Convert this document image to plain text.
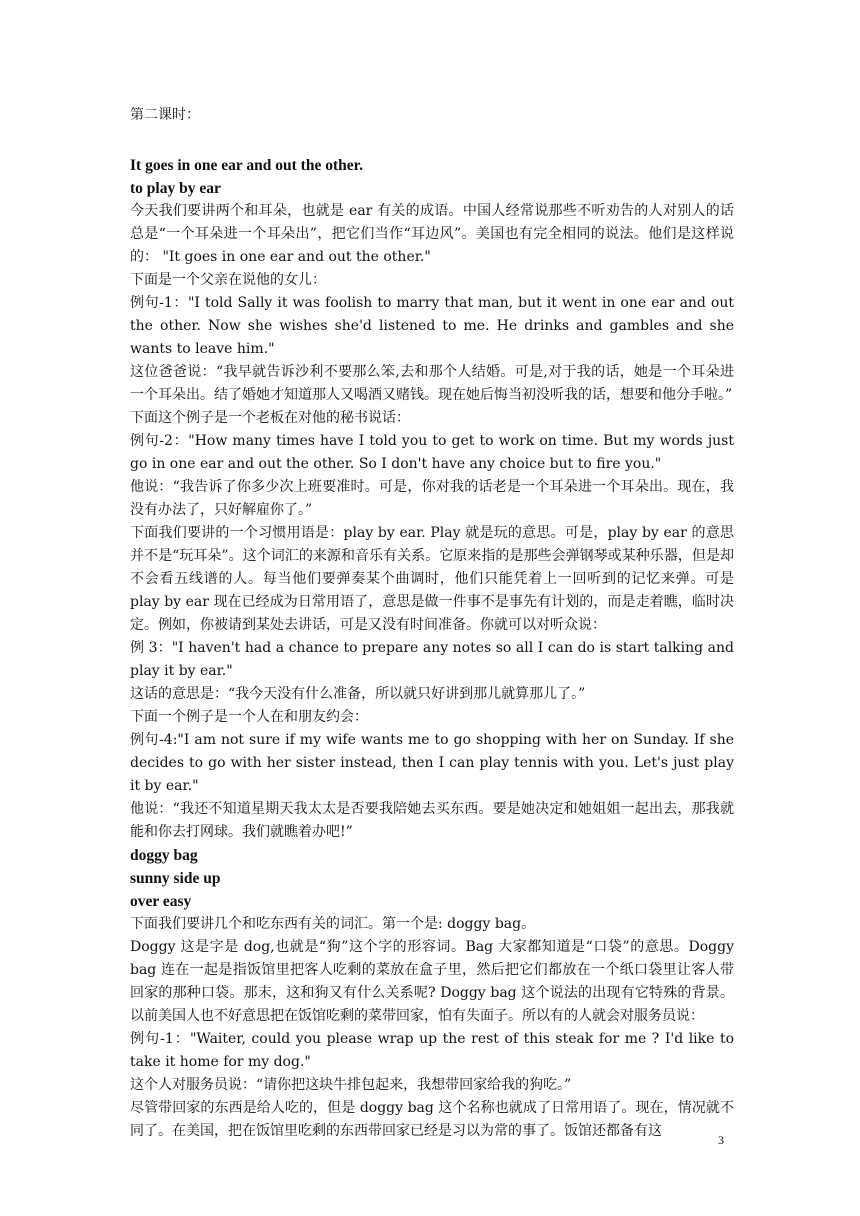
第二课时：

It goes in one ear and out the other.

to play by ear

今天我们要讲两个和耳朵，也就是 ear 有关的成语。中国人经常说那些不听劝告的人对别人的话总是“一个耳朵进一个耳朵出”，把它们当作“耳边风”。美国也有完全相同的说法。他们是这样说的： "It goes in one ear and out the other."

下面是一个父亲在说他的女儿：

例句-1："I told Sally it was foolish to marry that man, but it went in one ear and out the other. Now she wishes she'd listened to me. He drinks and gambles and she wants to leave him."

这位爸爸说：“我早就告诉沙利不要那么笨,去和那个人结婚。可是,对于我的话，她是一个耳朵进一个耳朵出。结了婚她才知道那人又喝酒又赌钱。现在她后悔当初没听我的话，想要和他分手啦。”

下面这个例子是一个老板在对他的秘书说话：

例句-2："How many times have I told you to get to work on time. But my words just go in one ear and out the other. So I don't have any choice but to fire you."

他说：“我告诉了你多少次上班要准时。可是，你对我的话老是一个耳朵进一个耳朵出。现在，我没有办法了，只好解雇你了。”

下面我们要讲的一个习惯用语是：play by ear. Play 就是玩的意思。可是，play by ear 的意思并不是“玩耳朵”。这个词汇的来源和音乐有关系。它原来指的是那些会弹钢琴或某种乐器，但是却不会看五线谱的人。每当他们要弹奏某个曲调时，他们只能凭着上一回听到的记忆来弹。可是 play by ear 现在已经成为日常用语了，意思是做一件事不是事先有计划的，而是走着瞧，临时决定。例如，你被请到某处去讲话，可是又没有时间准备。你就可以对听众说：

例 3："I haven't had a chance to prepare any notes so all I can do is start talking and play it by ear."

这话的意思是：“我今天没有什么准备，所以就只好讲到那儿就算那儿了。”

下面一个例子是一个人在和朋友约会：

例句-4:"I am not sure if my wife wants me to go shopping with her on Sunday. If she decides to go with her sister instead, then I can play tennis with you. Let's just play it by ear."

他说：“我还不知道星期天我太太是否要我陪她去买东西。要是她决定和她姐姐一起出去，那我就能和你去打网球。我们就瞧着办吧!”

doggy bag

sunny side up

over easy

下面我们要讲几个和吃东西有关的词汇。第一个是: doggy bag。

Doggy 这是字是 dog,也就是“狗”这个字的形容词。Bag 大家都知道是“口袋”的意思。Doggy bag 连在一起是指饭馆里把客人吃剩的菜放在盒子里，然后把它们都放在一个纸口袋里让客人带回家的那种口袋。那末，这和狗又有什么关系呢? Doggy bag 这个说法的出现有它特殊的背景。以前美国人也不好意思把在饭馆吃剩的菜带回家，怕有失面子。所以有的人就会对服务员说：

例句-1："Waiter, could you please wrap up the rest of this steak for me ? I'd like to take it home for my dog."

这个人对服务员说：“请你把这块牛排包起来，我想带回家给我的狗吃。”

尽管带回家的东西是给人吃的，但是 doggy bag 这个名称也就成了日常用语了。现在，情况就不同了。在美国，把在饭馆里吃剩的东西带回家已经是习以为常的事了。饭馆还都备有这

3
